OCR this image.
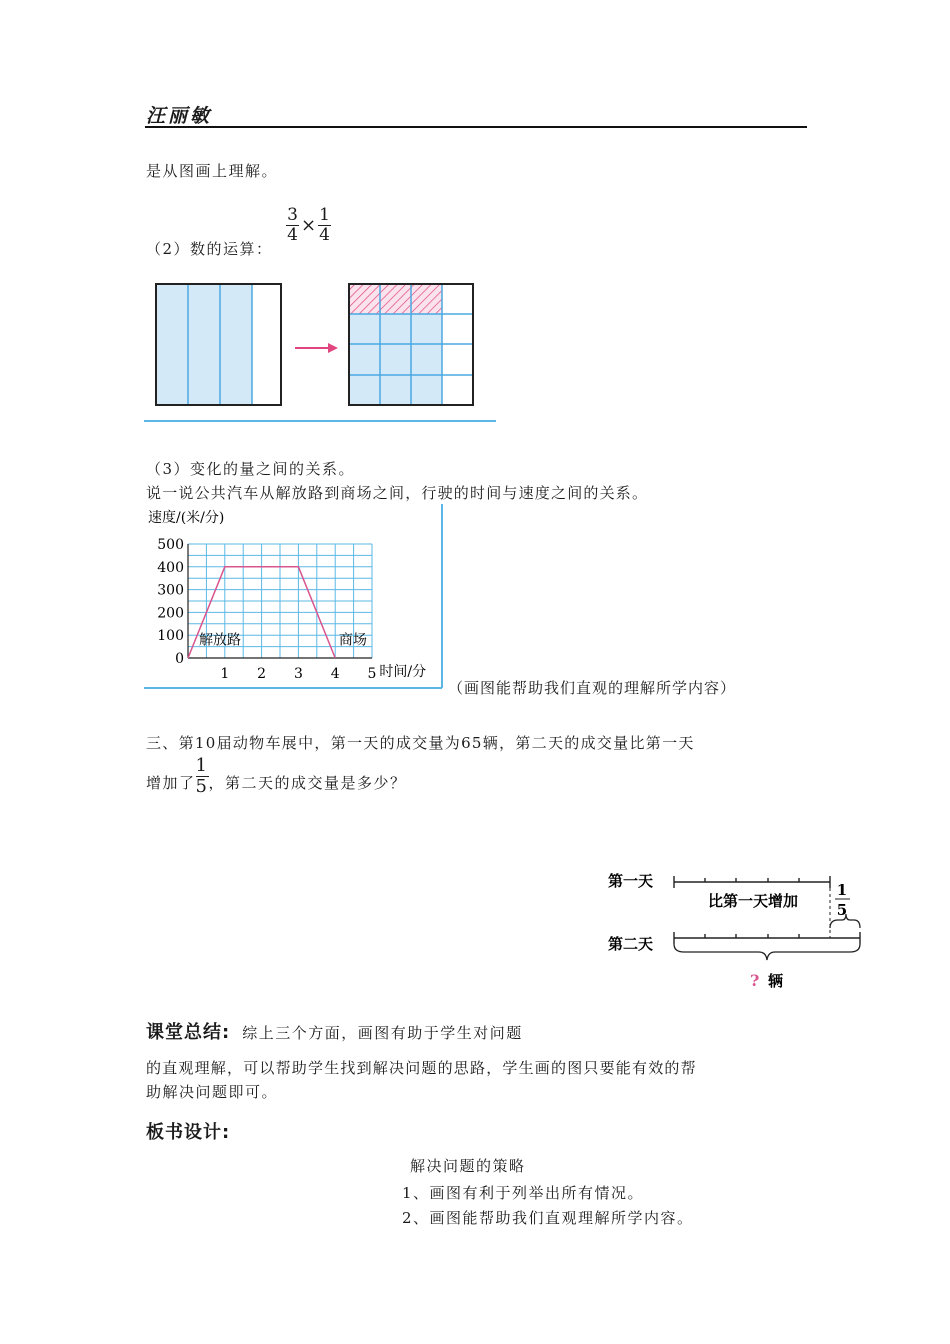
汪丽敏
是从图画上理解。
（2）数的运算：
$\frac{3}{4} \times \frac{1}{4}$
（3）变化的量之间的关系。
说一说公共汽车从解放路到商场之间，行驶的时间与速度之间的关系。
速度/(米/分)
0
100
200
300
400
500
1 2 3 4 5
解放路	商场
时间/分
（画图能帮助我们直观的理解所学内容）
三、第10届动物车展中，第一天的成交量为65辆，第二天的成交量比第一天
增加了 $\frac{1}{5}$ ，第二天的成交量是多少？
第一天
比第一天增加
1
5
第二天
? 辆
课堂总结: 综上三个方面，画图有助于学生对问题
的直观理解，可以帮助学生找到解决问题的思路，学生画的图只要能有效的帮
助解决问题即可。
板书设计:
解决问题的策略
1、画图有利于列举出所有情况。
2、画图能帮助我们直观理解所学内容。
